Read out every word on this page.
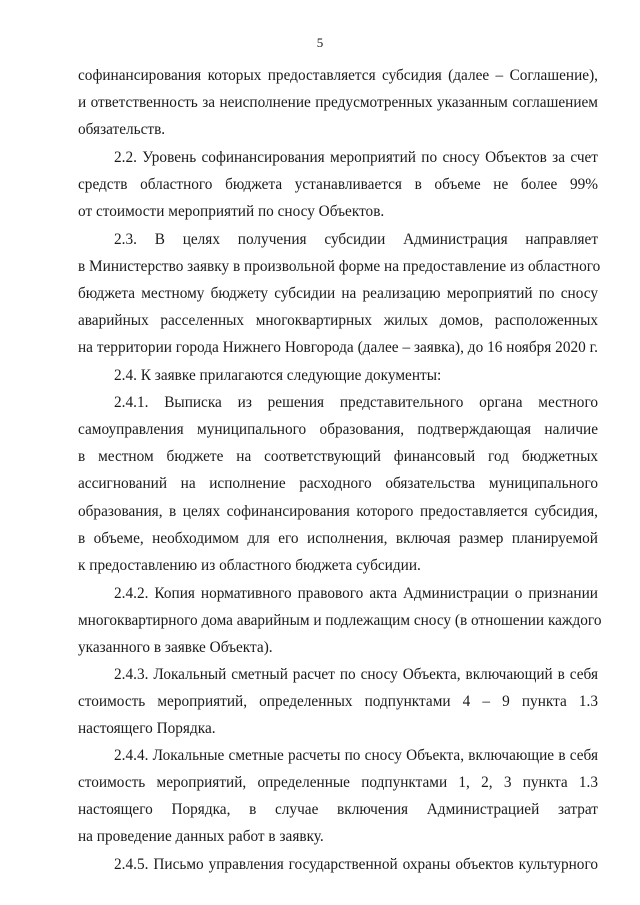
5
софинансирования которых предоставляется субсидия (далее – Соглашение),
и ответственность за неисполнение предусмотренных указанным соглашением
обязательств.
2.2. Уровень софинансирования мероприятий по сносу Объектов за счет
средств областного бюджета устанавливается в объеме не более 99%
от стоимости мероприятий по сносу Объектов.
2.3. В целях получения субсидии Администрация направляет
в Министерство заявку в произвольной форме на предоставление из областного
бюджета местному бюджету субсидии на реализацию мероприятий по сносу
аварийных расселенных многоквартирных жилых домов, расположенных
на территории города Нижнего Новгорода (далее – заявка), до 16 ноября 2020 г.
2.4. К заявке прилагаются следующие документы:
2.4.1. Выписка из решения представительного органа местного
самоуправления муниципального образования, подтверждающая наличие
в местном бюджете на соответствующий финансовый год бюджетных
ассигнований на исполнение расходного обязательства муниципального
образования, в целях софинансирования которого предоставляется субсидия,
в объеме, необходимом для его исполнения, включая размер планируемой
к предоставлению из областного бюджета субсидии.
2.4.2. Копия нормативного правового акта Администрации о признании
многоквартирного дома аварийным и подлежащим сносу (в отношении каждого
указанного в заявке Объекта).
2.4.3. Локальный сметный расчет по сносу Объекта, включающий в себя
стоимость мероприятий, определенных подпунктами 4 – 9 пункта 1.3
настоящего Порядка.
2.4.4. Локальные сметные расчеты по сносу Объекта, включающие в себя
стоимость мероприятий, определенные подпунктами 1, 2, 3 пункта 1.3
настоящего Порядка, в случае включения Администрацией затрат
на проведение данных работ в заявку.
2.4.5. Письмо управления государственной охраны объектов культурного
